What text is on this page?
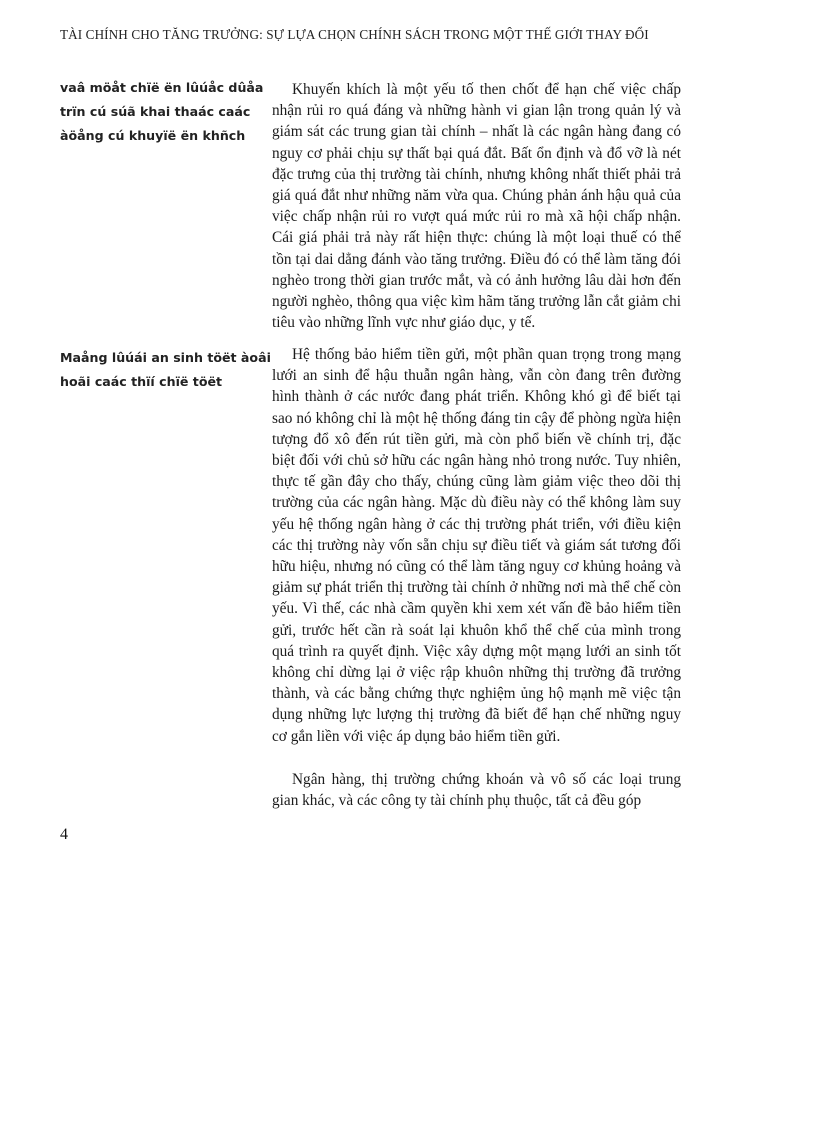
TÀI CHÍNH CHO TĂNG TRƯỞNG: SỰ LỰA CHỌN CHÍNH SÁCH TRONG MỘT THẾ GIỚI THAY ĐỔI
vaâ möåt chïë ën lûúåc dûåa
trïn cú súã khai thaác caác
àöång cú khuyïë ën khñch
Maång lûúái an sinh töët àoâi
hoãi caác thïí chïë töët

Khuyến khích là một yếu tố then chốt để hạn chế việc chấp nhận rủi ro quá đáng và những hành vi gian lận trong quản lý và giám sát các trung gian tài chính – nhất là các ngân hàng đang có nguy cơ phải chịu sự thất bại quá đắt. Bất ổn định và đổ vỡ là nét đặc trưng của thị trường tài chính, nhưng không nhất thiết phải trả giá quá đắt như những năm vừa qua. Chúng phản ánh hậu quả của việc chấp nhận rủi ro vượt quá mức rủi ro mà xã hội chấp nhận. Cái giá phải trả này rất hiện thực: chúng là một loại thuế có thể tồn tại dai dẳng đánh vào tăng trưởng. Điều đó có thể làm tăng đói nghèo trong thời gian trước mắt, và có ảnh hưởng lâu dài hơn đến người nghèo, thông qua việc kìm hãm tăng trưởng lẫn cắt giảm chi tiêu vào những lĩnh vực như giáo dục, y tế.

Hệ thống bảo hiểm tiền gửi, một phần quan trọng trong mạng lưới an sinh để hậu thuẫn ngân hàng, vẫn còn đang trên đường hình thành ở các nước đang phát triển. Không khó gì để biết tại sao nó không chỉ là một hệ thống đáng tin cậy để phòng ngừa hiện tượng đổ xô đến rút tiền gửi, mà còn phổ biến về chính trị, đặc biệt đối với chủ sở hữu các ngân hàng nhỏ trong nước. Tuy nhiên, thực tế gần đây cho thấy, chúng cũng làm giảm việc theo dõi thị trường của các ngân hàng. Mặc dù điều này có thể không làm suy yếu hệ thống ngân hàng ở các thị trường phát triển, với điều kiện các thị trường này vốn sẵn chịu sự điều tiết và giám sát tương đối hữu hiệu, nhưng nó cũng có thể làm tăng nguy cơ khủng hoảng và giảm sự phát triển thị trường tài chính ở những nơi mà thể chế còn yếu. Vì thế, các nhà cầm quyền khi xem xét vấn đề bảo hiểm tiền gửi, trước hết cần rà soát lại khuôn khổ thể chế của mình trong quá trình ra quyết định. Việc xây dựng một mạng lưới an sinh tốt không chỉ dừng lại ở việc rập khuôn những thị trường đã trưởng thành, và các bằng chứng thực nghiệm ủng hộ mạnh mẽ việc tận dụng những lực lượng thị trường đã biết để hạn chế những nguy cơ gắn liền với việc áp dụng bảo hiểm tiền gửi.

Ngân hàng, thị trường chứng khoán và vô số các loại trung gian khác, và các công ty tài chính phụ thuộc, tất cả đều góp

4
